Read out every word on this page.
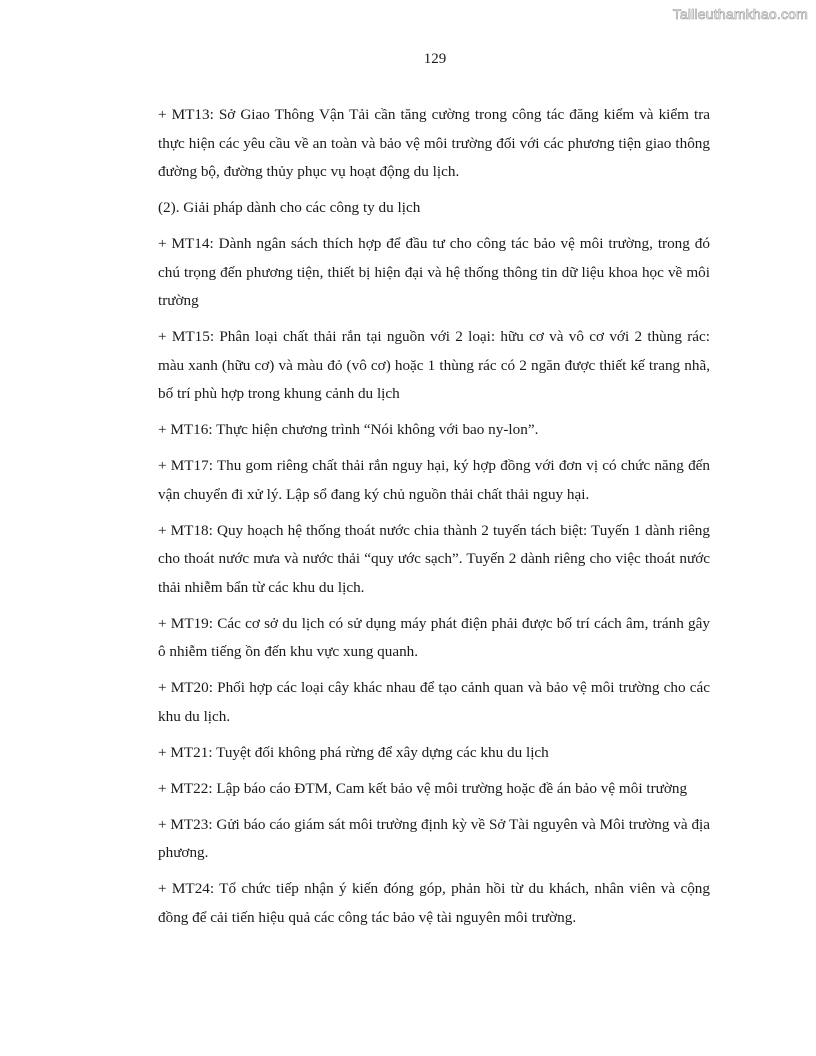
Tailieuthamkhao.com
129

+ MT13: Sở Giao Thông Vận Tải cần tăng cường trong công tác đăng kiểm và kiểm tra thực hiện các yêu cầu về an toàn và bảo vệ môi trường đối với các phương tiện giao thông đường bộ, đường thủy phục vụ hoạt động du lịch.

(2). Giải pháp dành cho các công ty du lịch

+ MT14: Dành ngân sách thích hợp để đầu tư cho công tác bảo vệ môi trường, trong đó chú trọng đến phương tiện, thiết bị hiện đại và hệ thống thông tin dữ liệu khoa học về môi trường

+ MT15: Phân loại chất thải rắn tại nguồn với 2 loại: hữu cơ và vô cơ với 2 thùng rác: màu xanh (hữu cơ) và màu đỏ (vô cơ) hoặc 1 thùng rác có 2 ngăn được thiết kế trang nhã, bố trí phù hợp trong khung cảnh du lịch

+ MT16: Thực hiện chương trình “Nói không với bao ny-lon”.

+ MT17: Thu gom riêng chất thải rắn nguy hại, ký hợp đồng với đơn vị có chức năng đến vận chuyển đi xử lý. Lập sổ đang ký chủ nguồn thải chất thải nguy hại.

+ MT18: Quy hoạch hệ thống thoát nước chia thành 2 tuyến tách biệt: Tuyến 1 dành riêng cho thoát nước mưa và nước thải “quy ước sạch”. Tuyến 2 dành riêng cho việc thoát nước thải nhiễm bẩn từ các khu du lịch.

+ MT19: Các cơ sở du lịch có sử dụng máy phát điện phải được bố trí cách âm, tránh gây ô nhiễm tiếng ồn đến khu vực xung quanh.

+ MT20: Phối hợp các loại cây khác nhau để tạo cảnh quan và bảo vệ môi trường cho các khu du lịch.

+ MT21: Tuyệt đối không phá rừng để xây dựng các khu du lịch

+ MT22: Lập báo cáo ĐTM, Cam kết bảo vệ môi trường hoặc đề án bảo vệ môi trường

+ MT23: Gửi báo cáo giám sát môi trường định kỳ về Sở Tài nguyên và Môi trường và địa phương.

+ MT24: Tổ chức tiếp nhận ý kiến đóng góp, phản hồi từ du khách, nhân viên và cộng đồng để cải tiến hiệu quả các công tác bảo vệ tài nguyên môi trường.
